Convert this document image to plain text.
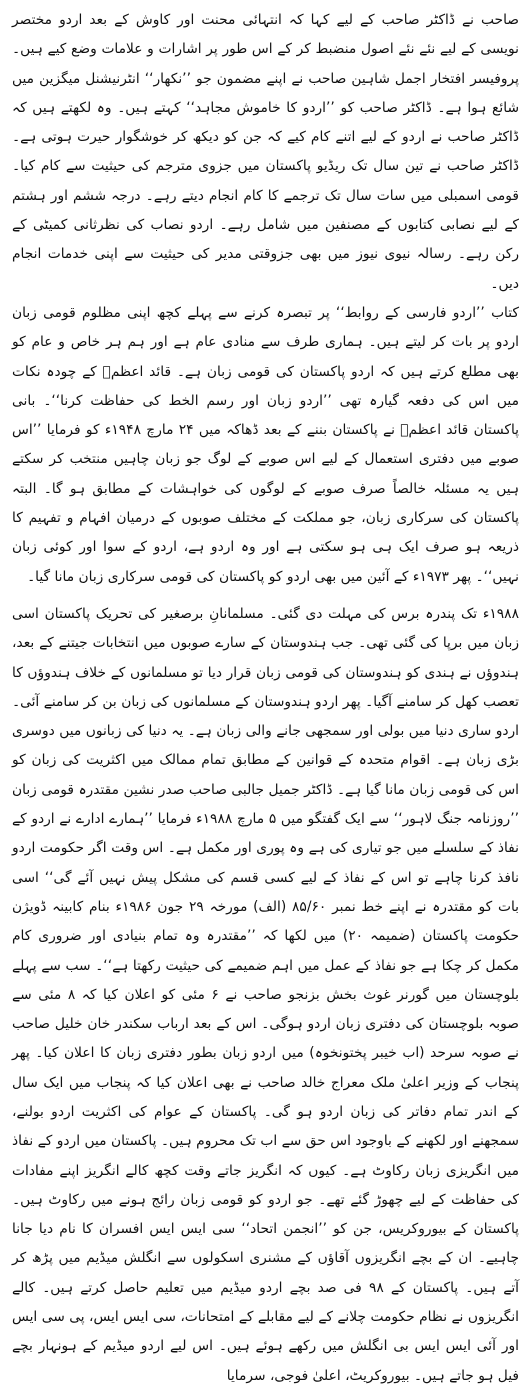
صاحب نے ڈاکٹر صاحب کے لیے کہا کہ انتہائی محنت اور کاوش کے بعد اردو مختصر نویسی کے لیے نئے نئے اصول منضبط کر کے اس طور پر اشارات و علامات وضع کیے ہیں۔ پروفیسر افتخار اجمل شاہین صاحب نے اپنے مضمون جو ’’نکھار‘‘ انٹرنیشنل میگزین میں شائع ہوا ہے۔ ڈاکٹر صاحب کو ’’اردو کا خاموش مجاہد‘‘ کہتے ہیں۔ وہ لکھتے ہیں کہ ڈاکٹر صاحب نے اردو کے لیے اتنے کام کیے کہ جن کو دیکھ کر خوشگوار حیرت ہوتی ہے۔ ڈاکٹر صاحب نے تین سال تک ریڈیو پاکستان میں جزوی مترجم کی حیثیت سے کام کیا۔ قومی اسمبلی میں سات سال تک ترجمے کا کام انجام دیتے رہے۔ درجہ ششم اور ہشتم کے لیے نصابی کتابوں کے مصنفین میں شامل رہے۔ اردو نصاب کی نظرثانی کمیٹی کے رکن رہے۔ رسالہ نیوی نیوز میں بھی جزوقتی مدیر کی حیثیت سے اپنی خدمات انجام دیں۔

کتاب ’’اردو فارسی کے روابط‘‘ پر تبصرہ کرنے سے پہلے کچھ اپنی مظلوم قومی زبان اردو پر بات کر لیتے ہیں۔ ہماری طرف سے منادی عام ہے اور ہم ہر خاص و عام کو بھی مطلع کرتے ہیں کہ اردو پاکستان کی قومی زبان ہے۔ قائد اعظمؒ کے چودہ نکات میں اس کی دفعہ گیارہ تھی ’’اردو زبان اور رسم الخط کی حفاظت کرنا‘‘۔ بانی پاکستان قائد اعظمؒ نے پاکستان بننے کے بعد ڈھاکہ میں ۲۴ مارچ ۱۹۴۸ء کو فرمایا ’’اس صوبے میں دفتری استعمال کے لیے اس صوبے کے لوگ جو زبان چاہیں منتخب کر سکتے ہیں یہ مسئلہ خالصاً صرف صوبے کے لوگوں کی خواہشات کے مطابق ہو گا۔ البتہ پاکستان کی سرکاری زبان، جو مملکت کے مختلف صوبوں کے درمیان افہام و تفہیم کا ذریعہ ہو صرف ایک ہی ہو سکتی ہے اور وہ اردو ہے، اردو کے سوا اور کوئی زبان نہیں‘‘۔ پھر ۱۹۷۳ء کے آئین میں بھی اردو کو پاکستان کی قومی سرکاری زبان مانا گیا۔

۱۹۸۸ء تک پندرہ برس کی مہلت دی گئی۔ مسلمانانِ برصغیر کی تحریک پاکستان اسی زبان میں برپا کی گئی تھی۔ جب ہندوستان کے سارے صوبوں میں انتخابات جیتنے کے بعد، ہندوؤں نے ہندی کو ہندوستان کی قومی زبان قرار دیا تو مسلمانوں کے خلاف ہندوؤں کا تعصب کھل کر سامنے آگیا۔ پھر اردو ہندوستان کے مسلمانوں کی زبان بن کر سامنے آئی۔ اردو ساری دنیا میں بولی اور سمجھی جانے والی زبان ہے۔ یہ دنیا کی زبانوں میں دوسری بڑی زبان ہے۔ اقوام متحدہ کے قوانین کے مطابق تمام ممالک میں اکثریت کی زبان کو اس کی قومی زبان مانا گیا ہے۔ ڈاکٹر جمیل جالبی صاحب صدر نشین مقتدرہ قومی زبان ’’روزنامہ جنگ لاہور‘‘ سے ایک گفتگو میں ۵ مارچ ۱۹۸۸ء فرمایا ’’ہمارے ادارے نے اردو کے نفاذ کے سلسلے میں جو تیاری کی ہے وہ پوری اور مکمل ہے۔ اس وقت اگر حکومت اردو نافذ کرنا چاہے تو اس کے نفاذ کے لیے کسی قسم کی مشکل پیش نہیں آئے گی‘‘ اسی بات کو مقتدرہ نے اپنے خط نمبر ۸۵/۶۰ (الف) مورخہ ۲۹ جون ۱۹۸۶ء بنام کابینہ ڈویژن حکومت پاکستان (ضمیمہ ۲۰) میں لکھا کہ ’’مقتدرہ وہ تمام بنیادی اور ضروری کام مکمل کر چکا ہے جو نفاذ کے عمل میں اہم ضمیمے کی حیثیت رکھتا ہے‘‘۔ سب سے پہلے بلوچستان میں گورنر غوث بخش بزنجو صاحب نے ۶ مئی کو اعلان کیا کہ ۸ مئی سے صوبہ بلوچستان کی دفتری زبان اردو ہوگی۔ اس کے بعد ارباب سکندر خان خلیل صاحب نے صوبہ سرحد (اب خیبر پختونخوہ) میں اردو زبان بطور دفتری زبان کا اعلان کیا۔ پھر پنجاب کے وزیر اعلیٰ ملک معراج خالد صاحب نے بھی اعلان کیا کہ پنجاب میں ایک سال کے اندر تمام دفاتر کی زبان اردو ہو گی۔ پاکستان کے عوام کی اکثریت اردو بولنے، سمجھنے اور لکھنے کے باوجود اس حق سے اب تک محروم ہیں۔ پاکستان میں اردو کے نفاذ میں انگریزی زبان رکاوٹ ہے۔ کیوں کہ انگریز جاتے وقت کچھ کالے انگریز اپنے مفادات کی حفاظت کے لیے چھوڑ گئے تھے۔ جو اردو کو قومی زبان رائج ہونے میں رکاوٹ ہیں۔ پاکستان کے بیوروکریس، جن کو ’’انجمن اتحاد‘‘ سی ایس ایس افسران کا نام دیا جانا چاہیے۔ ان کے بچے انگریزوں آقاؤں کے مشنری اسکولوں سے انگلش میڈیم میں پڑھ کر آتے ہیں۔ پاکستان کے ۹۸ فی صد بچے اردو میڈیم میں تعلیم حاصل کرتے ہیں۔ کالے انگریزوں نے نظام حکومت چلانے کے لیے مقابلے کے امتحانات، سی ایس ایس، پی سی ایس اور آئی ایس ایس بی انگلش میں رکھے ہوئے ہیں۔ اس لیے اردو میڈیم کے ہونہار بچے فیل ہو جاتے ہیں۔ بیوروکریٹ، اعلیٰ فوجی، سرمایا
